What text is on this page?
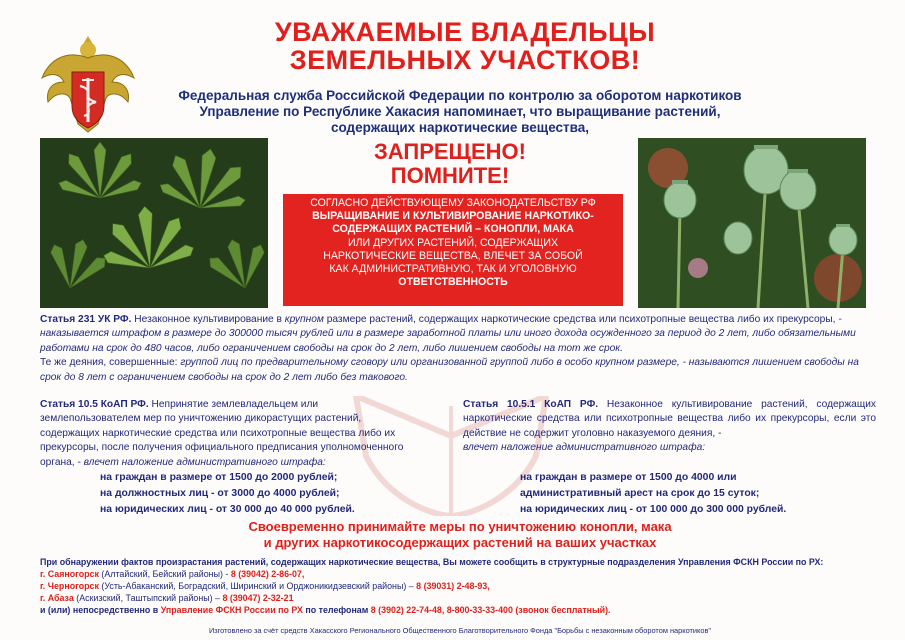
УВАЖАЕМЫЕ ВЛАДЕЛЬЦЫ
ЗЕМЕЛЬНЫХ УЧАСТКОВ!
Федеральная служба Российской Федерации по контролю за оборотом наркотиков
Управление по Республике Хакасия напоминает, что выращивание растений,
содержащих наркотические вещества,
ЗАПРЕЩЕНО!
ПОМНИТЕ!
СОГЛАСНО ДЕЙСТВУЮЩЕМУ ЗАКОНОДАТЕЛЬСТВУ РФ
ВЫРАЩИВАНИЕ И КУЛЬТИВИРОВАНИЕ НАРКОТИКО-
СОДЕРЖАЩИХ РАСТЕНИЙ – КОНОПЛИ, МАКА
ИЛИ ДРУГИХ РАСТЕНИЙ, СОДЕРЖАЩИХ
НАРКОТИЧЕСКИЕ ВЕЩЕСТВА, ВЛЕЧЕТ ЗА СОБОЙ
КАК АДМИНИСТРАТИВНУЮ, ТАК И УГОЛОВНУЮ
ОТВЕТСТВЕННОСТЬ
Статья 231 УК РФ. Незаконное культивирование в крупном размере растений, содержащих наркотические средства или психотропные вещества либо их прекурсоры, - наказывается штрафом в размере до 300000 тысяч рублей или в размере заработной платы или иного дохода осужденного за период до 2 лет, либо обязательными работами на срок до 480 часов, либо ограничением свободы на срок до 2 лет, либо лишением свободы на тот же срок.
Те же деяния, совершенные: группой лиц по предварительному сговору или организованной группой либо в особо крупном размере, - называются лишением свободы на срок до 8 лет с ограничением свободы на срок до 2 лет либо без такового.
Статья 10.5 КоАП РФ. Непринятие землевладельцем или землепользователем мер по уничтожению дикорастущих растений, содержащих наркотические средства или психотропные вещества либо их прекурсоры, после получения официального предписания уполномоченного органа, - влечет наложение административного штрафа:
Статья 10.5.1 КоАП РФ. Незаконное культивирование растений, содержащих наркотические средства или психотропные вещества либо их прекурсоры, если это действие не содержит уголовно наказуемого деяния, -
влечет наложение административного штрафа:
на граждан в размере от 1500 до 2000 рублей;
на должностных лиц - от 3000 до 4000 рублей;
на юридических лиц - от 30 000 до 40 000 рублей.
на граждан в размере от 1500 до 4000 или
административный арест на срок до 15 суток;
на юридических лиц - от 100 000 до 300 000 рублей.
Своевременно принимайте меры по уничтожению конопли, мака
и других наркотикосодержащих растений на ваших участках
При обнаружении фактов произрастания растений, содержащих наркотические вещества, Вы можете сообщить в структурные подразделения Управления ФСКН России по РХ:
г. Саяногорск (Алтайский, Бейский районы) - 8 (39042) 2-86-07,
г. Черногорск (Усть-Абаканский, Боградский, Ширинский и Орджоникидзевский районы) – 8 (39031) 2-48-93,
г. Абаза (Аскизский, Таштыпский районы) – 8 (39047) 2-32-21
и (или) непосредственно в Управление ФСКН России по РХ по телефонам 8 (3902) 22-74-48, 8-800-33-33-400 (звонок бесплатный).
Изготовлено за счёт средств Хакасского Регионального Общественного Благотворительного Фонда "Борьбы с незаконным оборотом наркотиков"
